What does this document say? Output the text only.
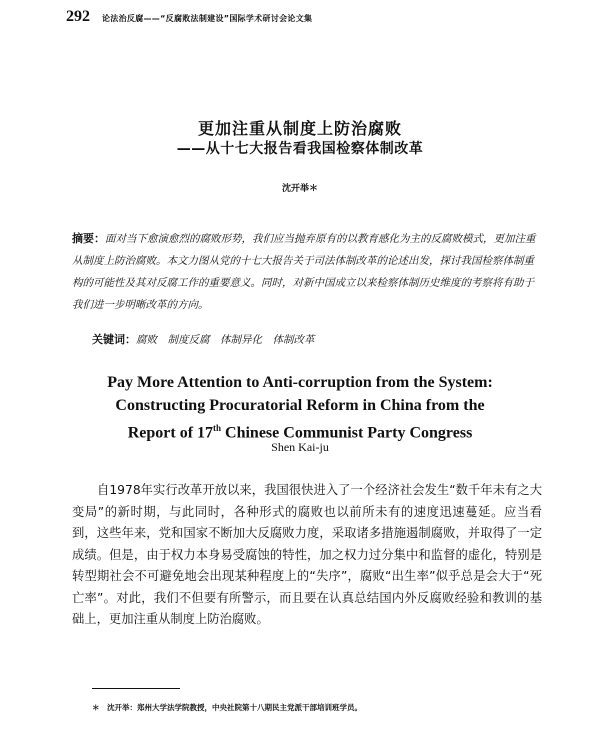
292 论法治反腐——“反腐败法制建设”国际学术研讨会论文集
更加注重从制度上防治腐败
——从十七大报告看我国检察体制改革
沈开举＊
摘要：面对当下愈演愈烈的腐败形势，我们应当抛弃原有的以教育感化为主的反腐败模式，更加注重从制度上防治腐败。本文力图从党的十七大报告关于司法体制改革的论述出发，探讨我国检察体制重构的可能性及其对反腐工作的重要意义。同时，对新中国成立以来检察体制历史维度的考察将有助于我们进一步明晰改革的方向。
关键词：腐败　制度反腐　体制异化　体制改革
Pay More Attention to Anti-corruption from the System:
Constructing Procuratorial Reform in China from the
Report of 17th Chinese Communist Party Congress
Shen Kai-ju
自1978年实行改革开放以来，我国很快进入了一个经济社会发生“数千年未有之大变局”的新时期，与此同时，各种形式的腐败也以前所未有的速度迅速蔓延。应当看到，这些年来，党和国家不断加大反腐败力度，采取诸多措施遏制腐败，并取得了一定成绩。但是，由于权力本身易受腐蚀的特性，加之权力过分集中和监督的虚化，特别是转型期社会不可避免地会出现某种程度上的“失序”，腐败“出生率”似乎总是会大于“死亡率”。对此，我们不但要有所警示，而且要在认真总结国内外反腐败经验和教训的基础上，更加注重从制度上防治腐败。
＊　沈开举：郑州大学法学院教授，中央社院第十八期民主党派干部培训班学员。
